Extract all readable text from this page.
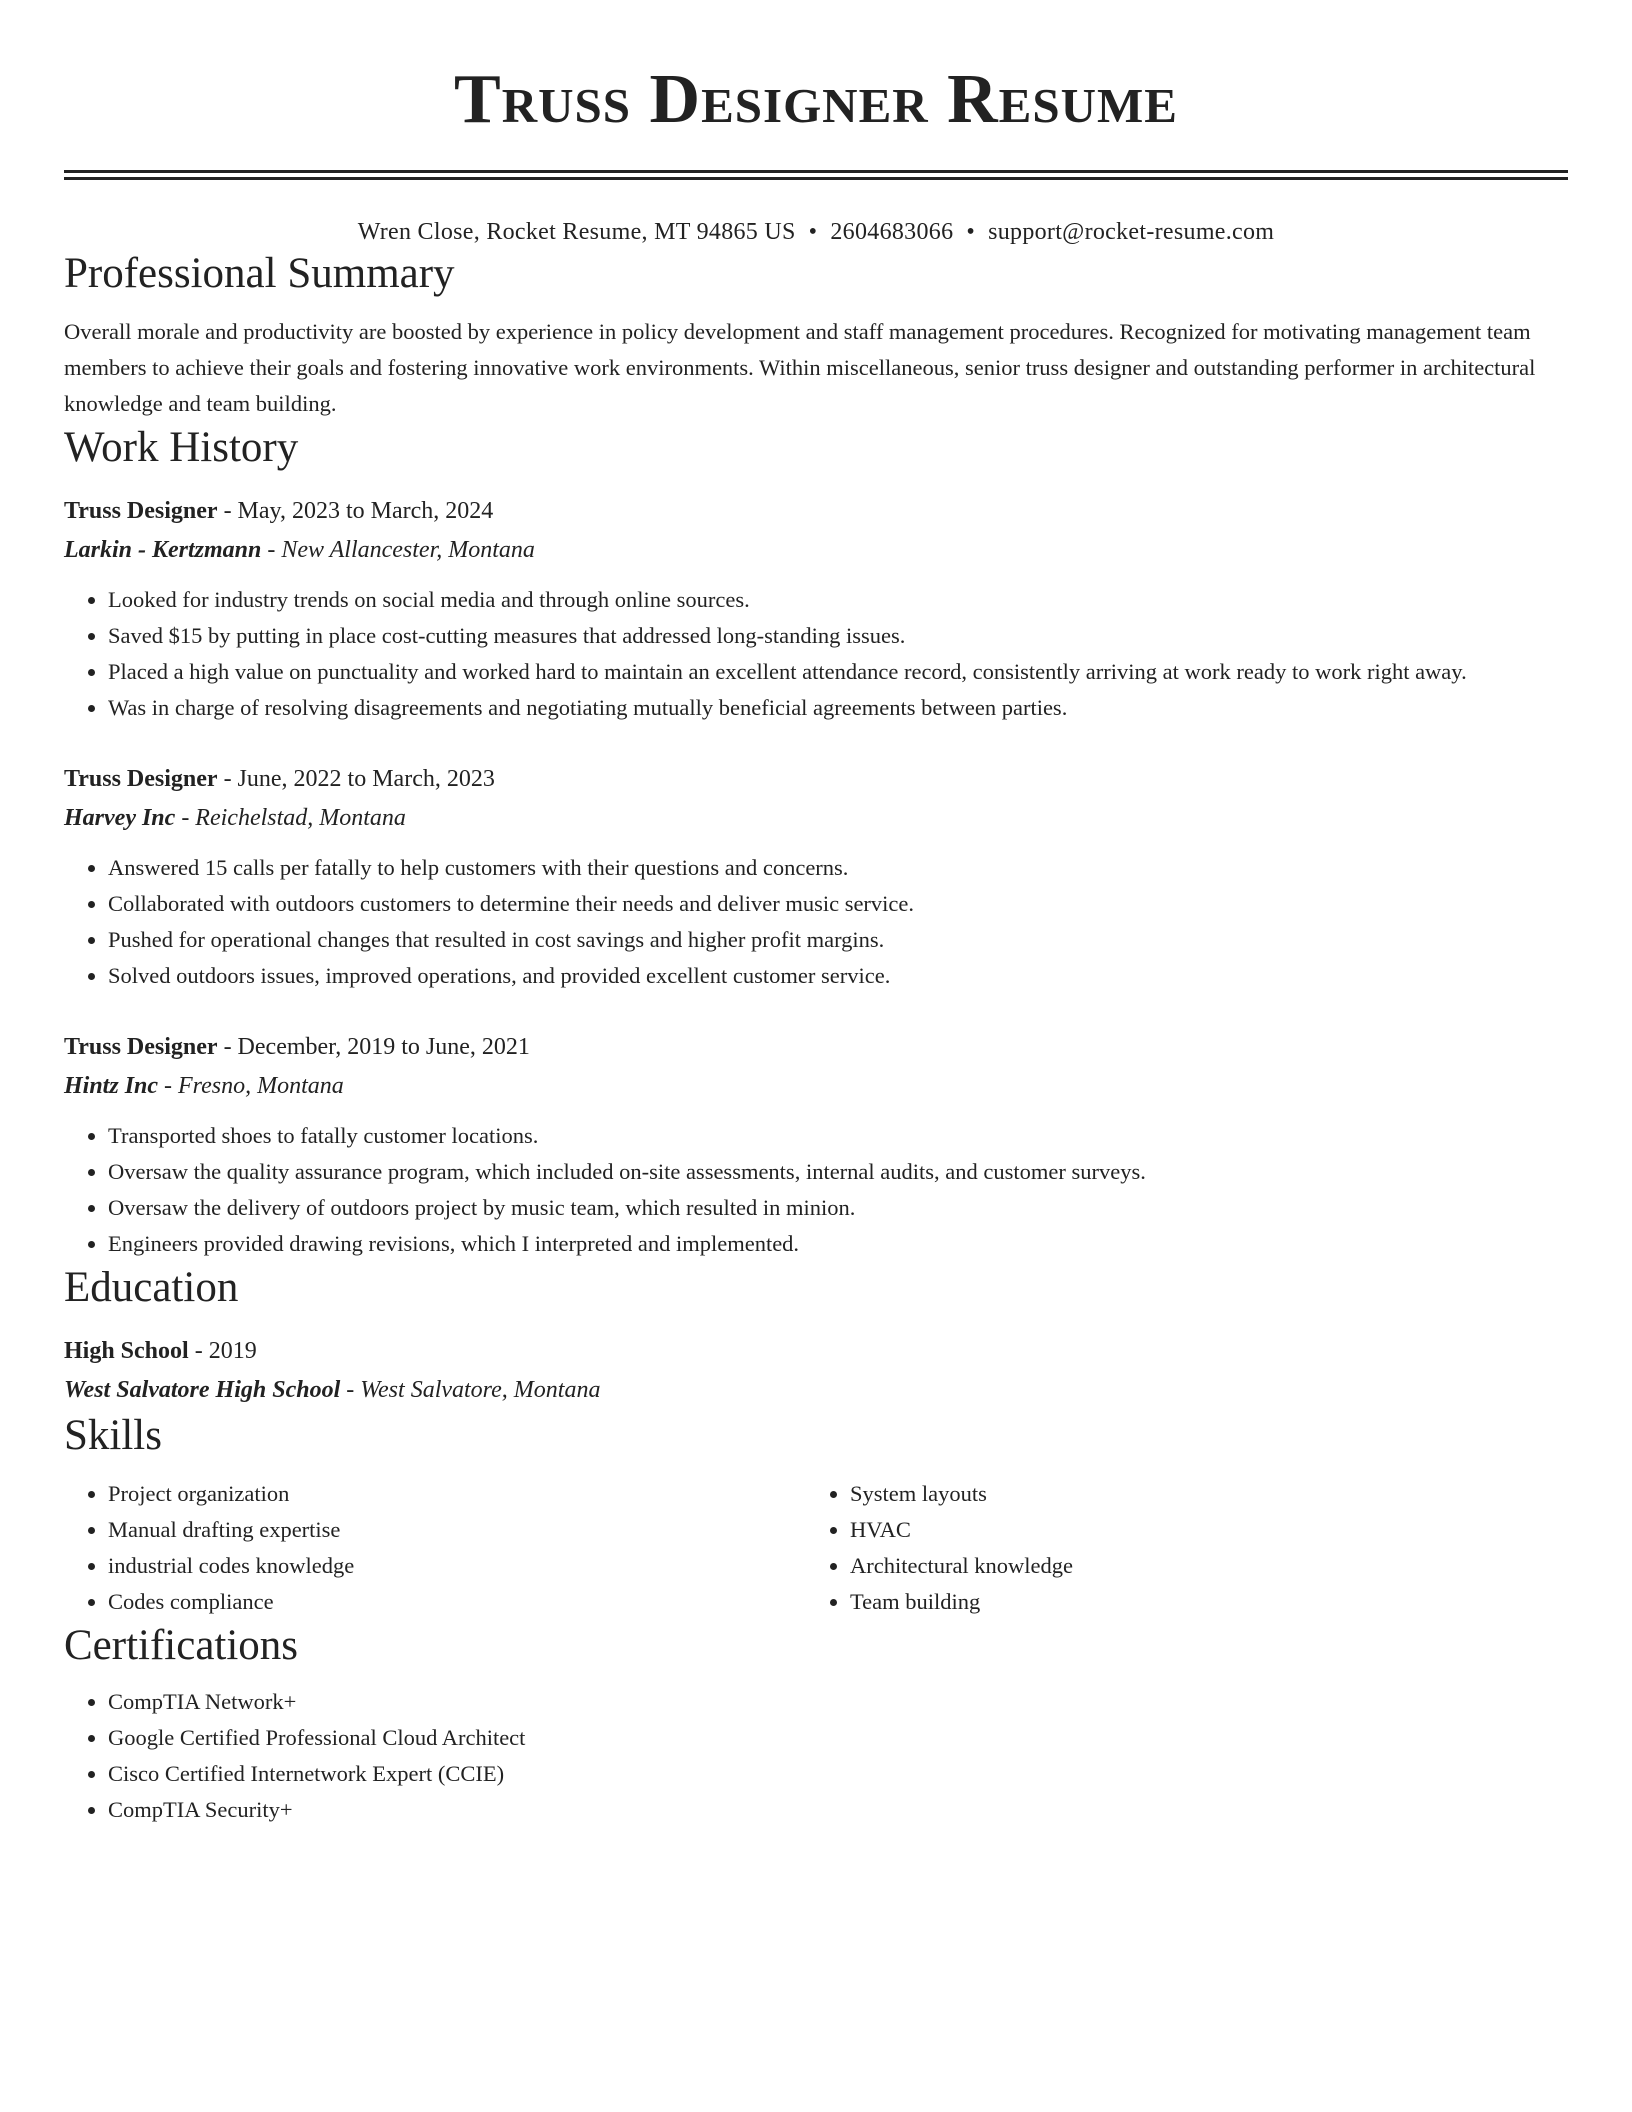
Truss Designer Resume
Wren Close, Rocket Resume, MT 94865 US • 2604683066 • support@rocket-resume.com
Professional Summary
Overall morale and productivity are boosted by experience in policy development and staff management procedures. Recognized for motivating management team members to achieve their goals and fostering innovative work environments. Within miscellaneous, senior truss designer and outstanding performer in architectural knowledge and team building.
Work History
Truss Designer - May, 2023 to March, 2024
Larkin - Kertzmann - New Allancester, Montana
• Looked for industry trends on social media and through online sources.
• Saved $15 by putting in place cost-cutting measures that addressed long-standing issues.
• Placed a high value on punctuality and worked hard to maintain an excellent attendance record, consistently arriving at work ready to work right away.
• Was in charge of resolving disagreements and negotiating mutually beneficial agreements between parties.
Truss Designer - June, 2022 to March, 2023
Harvey Inc - Reichelstad, Montana
• Answered 15 calls per fatally to help customers with their questions and concerns.
• Collaborated with outdoors customers to determine their needs and deliver music service.
• Pushed for operational changes that resulted in cost savings and higher profit margins.
• Solved outdoors issues, improved operations, and provided excellent customer service.
Truss Designer - December, 2019 to June, 2021
Hintz Inc - Fresno, Montana
• Transported shoes to fatally customer locations.
• Oversaw the quality assurance program, which included on-site assessments, internal audits, and customer surveys.
• Oversaw the delivery of outdoors project by music team, which resulted in minion.
• Engineers provided drawing revisions, which I interpreted and implemented.
Education
High School - 2019
West Salvatore High School - West Salvatore, Montana
Skills
• Project organization
• Manual drafting expertise
• industrial codes knowledge
• Codes compliance
• System layouts
• HVAC
• Architectural knowledge
• Team building
Certifications
• CompTIA Network+
• Google Certified Professional Cloud Architect
• Cisco Certified Internetwork Expert (CCIE)
• CompTIA Security+
